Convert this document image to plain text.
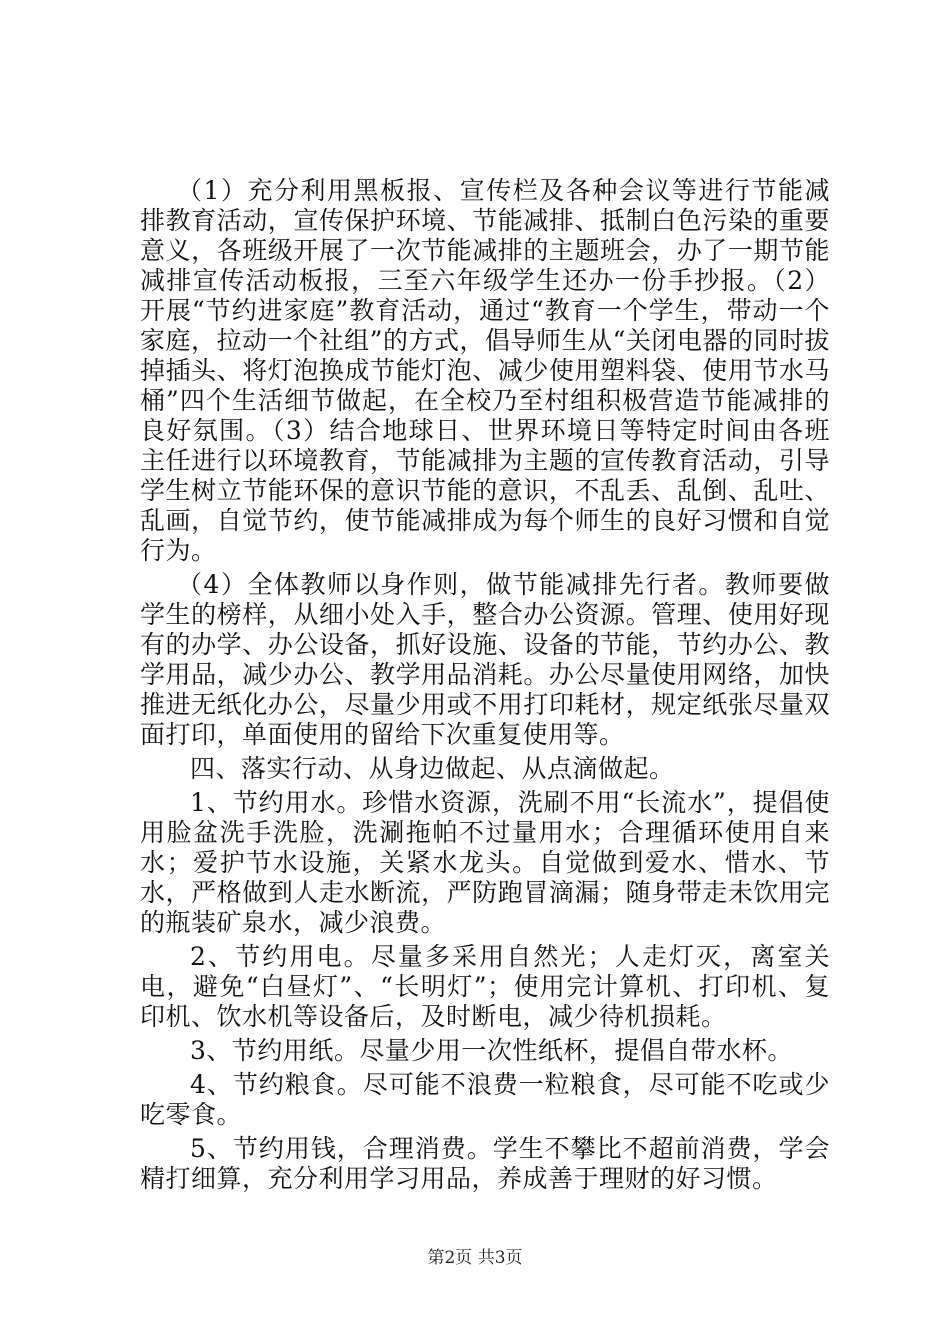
（1）充分利用黑板报、宣传栏及各种会议等进行节能减排教育活动，宣传保护环境、节能减排、抵制白色污染的重要意义，各班级开展了一次节能减排的主题班会，办了一期节能减排宣传活动板报，三至六年级学生还办一份手抄报。（2）开展“节约进家庭”教育活动，通过“教育一个学生，带动一个家庭，拉动一个社组”的方式，倡导师生从“关闭电器的同时拔掉插头、将灯泡换成节能灯泡、减少使用塑料袋、使用节水马桶”四个生活细节做起，在全校乃至村组积极营造节能减排的良好氛围。（3）结合地球日、世界环境日等特定时间由各班主任进行以环境教育，节能减排为主题的宣传教育活动，引导学生树立节能环保的意识节能的意识，不乱丢、乱倒、乱吐、乱画，自觉节约，使节能减排成为每个师生的良好习惯和自觉行为。

（4）全体教师以身作则，做节能减排先行者。教师要做学生的榜样，从细小处入手，整合办公资源。管理、使用好现有的办学、办公设备，抓好设施、设备的节能，节约办公、教学用品，减少办公、教学用品消耗。办公尽量使用网络，加快推进无纸化办公，尽量少用或不用打印耗材，规定纸张尽量双面打印，单面使用的留给下次重复使用等。

四、落实行动、从身边做起、从点滴做起。

1、节约用水。珍惜水资源，洗刷不用“长流水”，提倡使用脸盆洗手洗脸，洗涮拖帕不过量用水；合理循环使用自来水；爱护节水设施，关紧水龙头。自觉做到爱水、惜水、节水，严格做到人走水断流，严防跑冒滴漏；随身带走未饮用完的瓶装矿泉水，减少浪费。

2、节约用电。尽量多采用自然光；人走灯灭，离室关电，避免“白昼灯”、“长明灯”；使用完计算机、打印机、复印机、饮水机等设备后，及时断电，减少待机损耗。

3、节约用纸。尽量少用一次性纸杯，提倡自带水杯。

4、节约粮食。尽可能不浪费一粒粮食，尽可能不吃或少吃零食。

5、节约用钱，合理消费。学生不攀比不超前消费，学会精打细算，充分利用学习用品，养成善于理财的好习惯。

第2页 共3页
